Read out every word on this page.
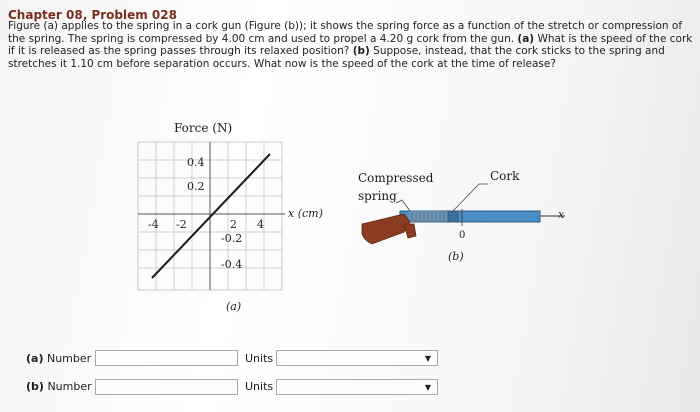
Chapter 08, Problem 028
Figure (a) applies to the spring in a cork gun (Figure (b)); it shows the spring force as a function of the stretch or compression of the spring. The spring is compressed by 4.00 cm and used to propel a 4.20 g cork from the gun. (a) What is the speed of the cork if it is released as the spring passes through its relaxed position? (b) Suppose, instead, that the cork sticks to the spring and stretches it 1.10 cm before separation occurs. What now is the speed of the cork at the time of release?
Force (N)
x (cm)
0.4
0.2
-4 -2	2 4
-0.2
-0.4
(a)
Compressed
spring
Cork
0
x
(b)
(a) Number	Units	▼
(b) Number	Units	▼
